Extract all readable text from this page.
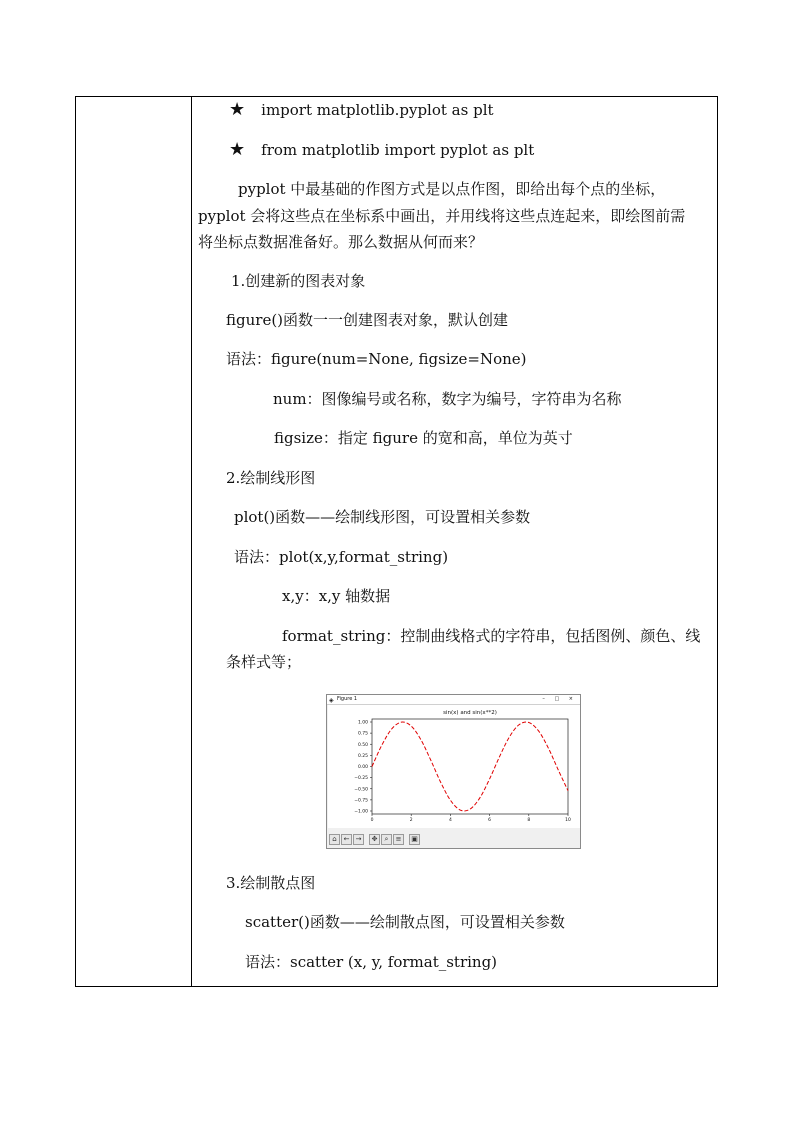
★ import matplotlib.pyplot as plt
★ from matplotlib import pyplot as plt
pyplot 中最基础的作图方式是以点作图，即给出每个点的坐标，
pyplot 会将这些点在坐标系中画出，并用线将这些点连起来，即绘图前需
将坐标点数据准备好。那么数据从何而来？
1.创建新的图表对象
figure()函数一一创建图表对象，默认创建
语法：figure(num=None, figsize=None)
num：图像编号或名称，数字为编号，字符串为名称
figsize：指定 figure 的宽和高，单位为英寸
2.绘制线形图
plot()函数——绘制线形图，可设置相关参数
语法：plot(x,y,format_string)
x,y：x,y 轴数据
format_string：控制曲线格式的字符串，包括图例、颜色、线
条样式等；
◈ Figure 1	– □ ×
sin(x) and sin(x**2)
0	2	4	6	8	10
1.00
0.75
0.50
0.25
0.00
−0.25
−0.50
−0.75
−1.00
⌂ ← →	✥	⌕	≡	▣
3.绘制散点图
scatter()函数——绘制散点图，可设置相关参数
语法：scatter (x, y, format_string)
